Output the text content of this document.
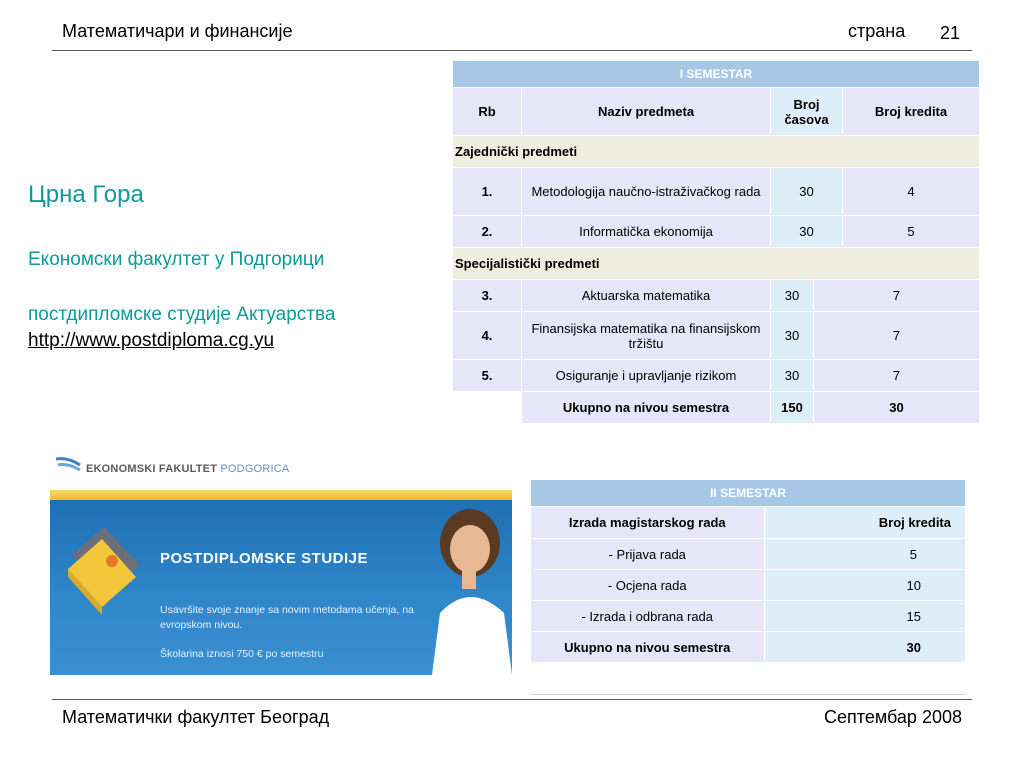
Математичари и финансије	страна 21
Црна Гора
Економски факултет у Подгорици
постдипломске студије Актуарства
http://www.postdiploma.cg.yu
I SEMESTAR				
Rb	Naziv predmeta	Broj časova		Broj kredita
Zajednički predmeti				
1.	Metodologija naučno-istraživačkog rada	30		4
2.	Informatička ekonomija	30		5
Specijalistički predmeti				
3.	Aktuarska matematika	30	7	
4.	Finansijska matematika na finansijskom tržištu	30	7	
5.	Osiguranje i upravljanje rizikom	30	7	
	Ukupno na nivou semestra	150	30	
EKONOMSKI FAKULTET PODGORICA
POSTDIPLOMSKE STUDIJE
Usavršite svoje znanje sa novim metodama učenja, na evropskom nivou.
Školarina iznosi 750 € po semestru
II SEMESTAR	
Izrada magistarskog rada	Broj kredita
- Prijava rada	5
- Ocjena rada	10
- Izrada i odbrana rada	15
Ukupno na nivou semestra	30
Математички факултет Београд	Септембар 2008
